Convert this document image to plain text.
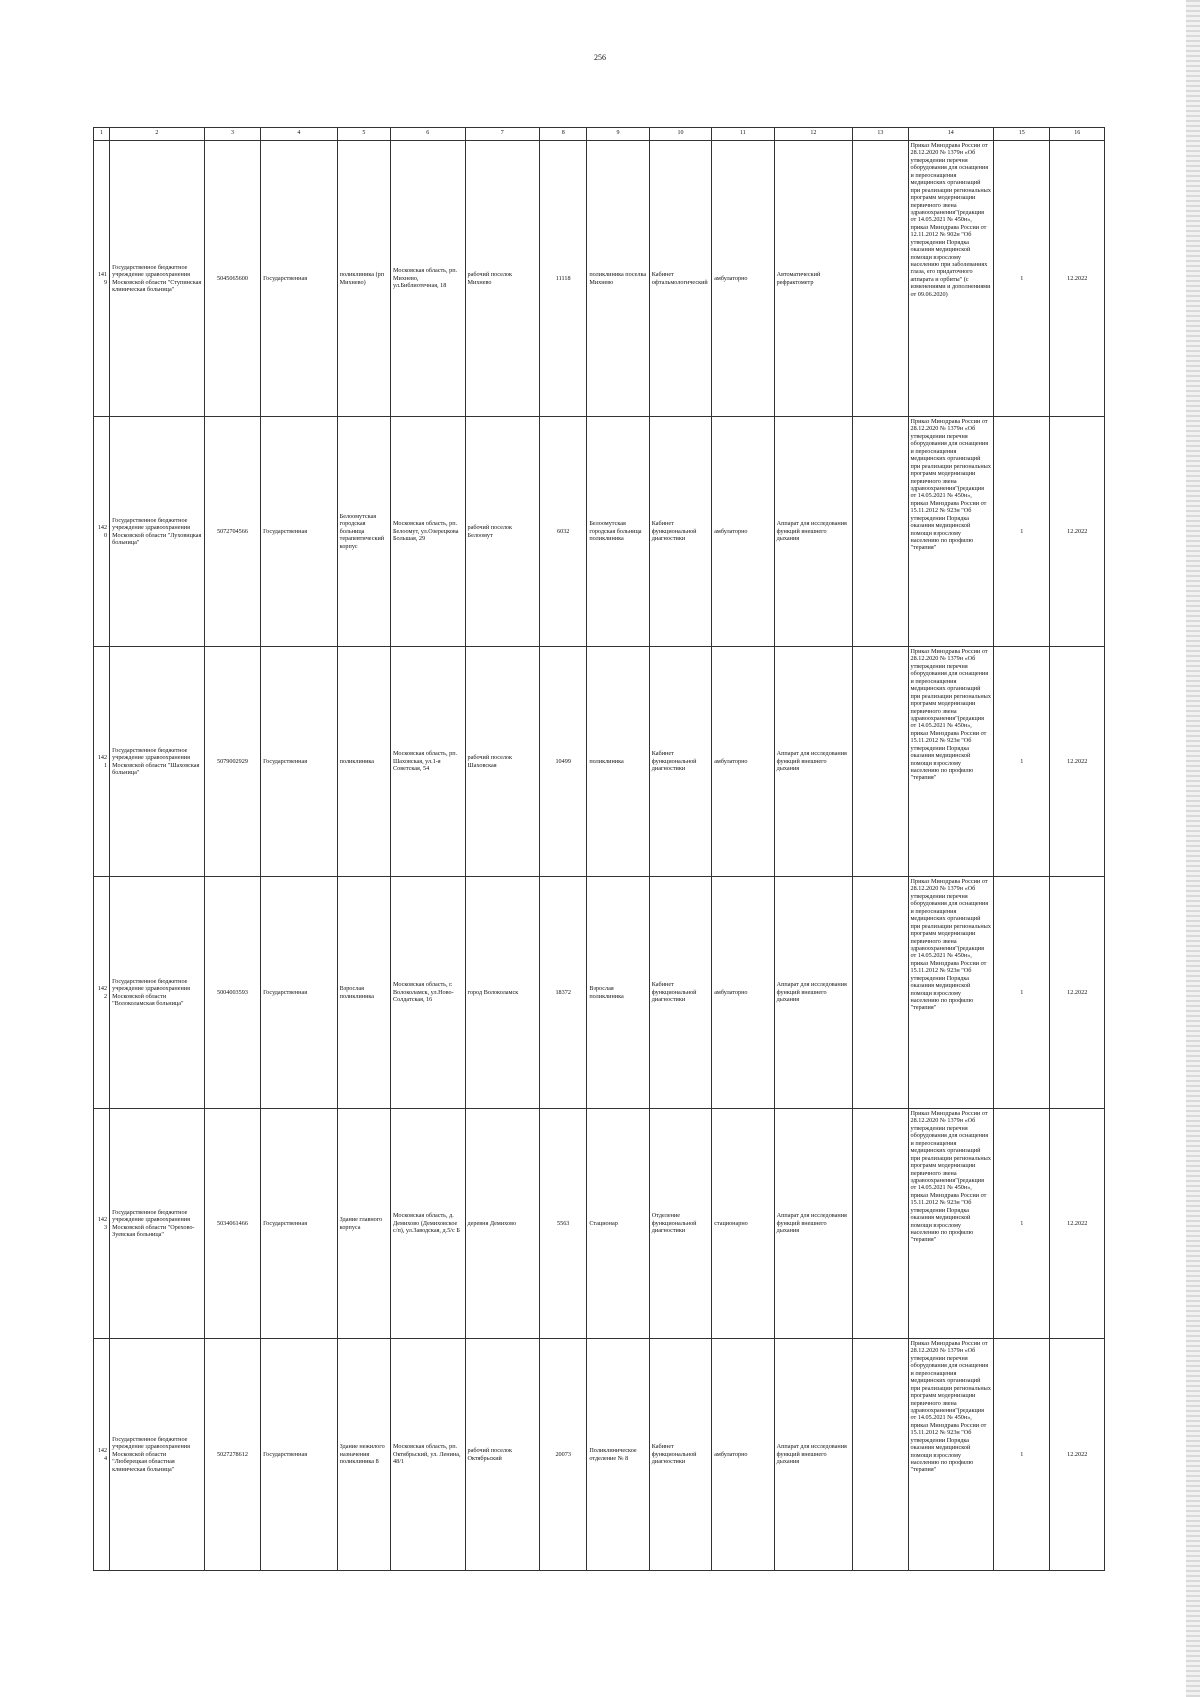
256
1	2	3	4	5	6	7	8	9	10	11	12	13	14	15	16
1419	Государственное бюджетное учреждение здравоохранения Московской области "Ступинская клиническая больница"	5045065600	Государственная	поликлиника (рп Михнево)	Московская область, рп. Михнево, ул.Библиотечная, 18	рабочий поселок Михнево	11118	поликлиника поселка Михнево	Кабинет офтальмологический	амбулаторно	Автоматический рефрактометр		Приказ Минздрава России от 28.12.2020 № 1379н «Об утверждении перечня оборудования для оснащения и переоснащения медицинских организаций при реализации региональных программ модернизации первичного звена здравоохранения"(редакция от 14.05.2021 № 450н», приказ Минздрава России от 12.11.2012 № 902н "Об утверждении Порядка оказания медицинской помощи взрослому населению при заболеваниях глаза, его придаточного аппарата и орбиты" (с изменениями и дополнениями от 09.06.2020)	1	12.2022
1420	Государственное бюджетное учреждение здравоохранения Московской области "Луховицкая больница"	5072704566	Государственная	Белоомутская городская больница терапевтический корпус	Московская область, рп. Белоомут, ул.Озерецкова Большая, 29	рабочий поселок Белоомут	6032	Белоомутская городская больница поликлиника	Кабинет функциональной диагностики	амбулаторно	Аппарат для исследования функций внешнего дыхания		Приказ Минздрава России от 28.12.2020 № 1379н «Об утверждении перечня оборудования для оснащения и переоснащения медицинских организаций при реализации региональных программ модернизации первичного звена здравоохранения"(редакция от 14.05.2021 № 450н», приказ Минздрава России от 15.11.2012 № 923н "Об утверждении Порядка оказания медицинской помощи взрослому населению по профилю "терапия"	1	12.2022
1421	Государственное бюджетное учреждение здравоохранения Московской области "Шаховская больница"	5079002929	Государственная	поликлиника	Московская область, рп. Шаховская, ул.1-я Советская, 54	рабочий поселок Шаховская	10499	поликлиника	Кабинет функциональной диагностики	амбулаторно	Аппарат для исследования функций внешнего дыхания		Приказ Минздрава России от 28.12.2020 № 1379н «Об утверждении перечня оборудования для оснащения и переоснащения медицинских организаций при реализации региональных программ модернизации первичного звена здравоохранения"(редакция от 14.05.2021 № 450н», приказ Минздрава России от 15.11.2012 № 923н "Об утверждении Порядка оказания медицинской помощи взрослому населению по профилю "терапия"	1	12.2022
1422	Государственное бюджетное учреждение здравоохранения Московской области "Волоколамская больница"	5004003593	Государственная	Взрослая поликлиника	Московская область, г. Волоколамск, ул.Ново-Солдатская, 16	город Волоколамск	18372	Взрослая поликлиника	Кабинет функциональной диагностики	амбулаторно	Аппарат для исследования функций внешнего дыхания		Приказ Минздрава России от 28.12.2020 № 1379н «Об утверждении перечня оборудования для оснащения и переоснащения медицинских организаций при реализации региональных программ модернизации первичного звена здравоохранения"(редакция от 14.05.2021 № 450н», приказ Минздрава России от 15.11.2012 № 923н "Об утверждении Порядка оказания медицинской помощи взрослому населению по профилю "терапия"	1	12.2022
1423	Государственное бюджетное учреждение здравоохранения Московской области "Орехово-Зуевская больница"	5034061466	Государственная	Здание главного корпуса	Московская область, д. Демихово (Демиховское с/п), ул.Заводская, д.5/c Б	деревня Демихово	5563	Стационар	Отделение функциональной диагностики	стационарно	Аппарат для исследования функций внешнего дыхания		Приказ Минздрава России от 28.12.2020 № 1379н «Об утверждении перечня оборудования для оснащения и переоснащения медицинских организаций при реализации региональных программ модернизации первичного звена здравоохранения"(редакция от 14.05.2021 № 450н», приказ Минздрава России от 15.11.2012 № 923н "Об утверждении Порядка оказания медицинской помощи взрослому населению по профилю "терапия"	1	12.2022
1424	Государственное бюджетное учреждение здравоохранения Московской области "Люберецкая областная клиническая больница"	5027278612	Государственная	Здание нежилого назначения поликлиника 8	Московская область, рп. Октябрьский, ул. Ленина, 48/1	рабочий поселок Октябрьский	20073	Поликлиническое отделение № 8	Кабинет функциональной диагностики	амбулаторно	Аппарат для исследования функций внешнего дыхания		Приказ Минздрава России от 28.12.2020 № 1379н «Об утверждении перечня оборудования для оснащения и переоснащения медицинских организаций при реализации региональных программ модернизации первичного звена здравоохранения"(редакция от 14.05.2021 № 450н», приказ Минздрава России от 15.11.2012 № 923н "Об утверждении Порядка оказания медицинской помощи взрослому населению по профилю "терапия"	1	12.2022
